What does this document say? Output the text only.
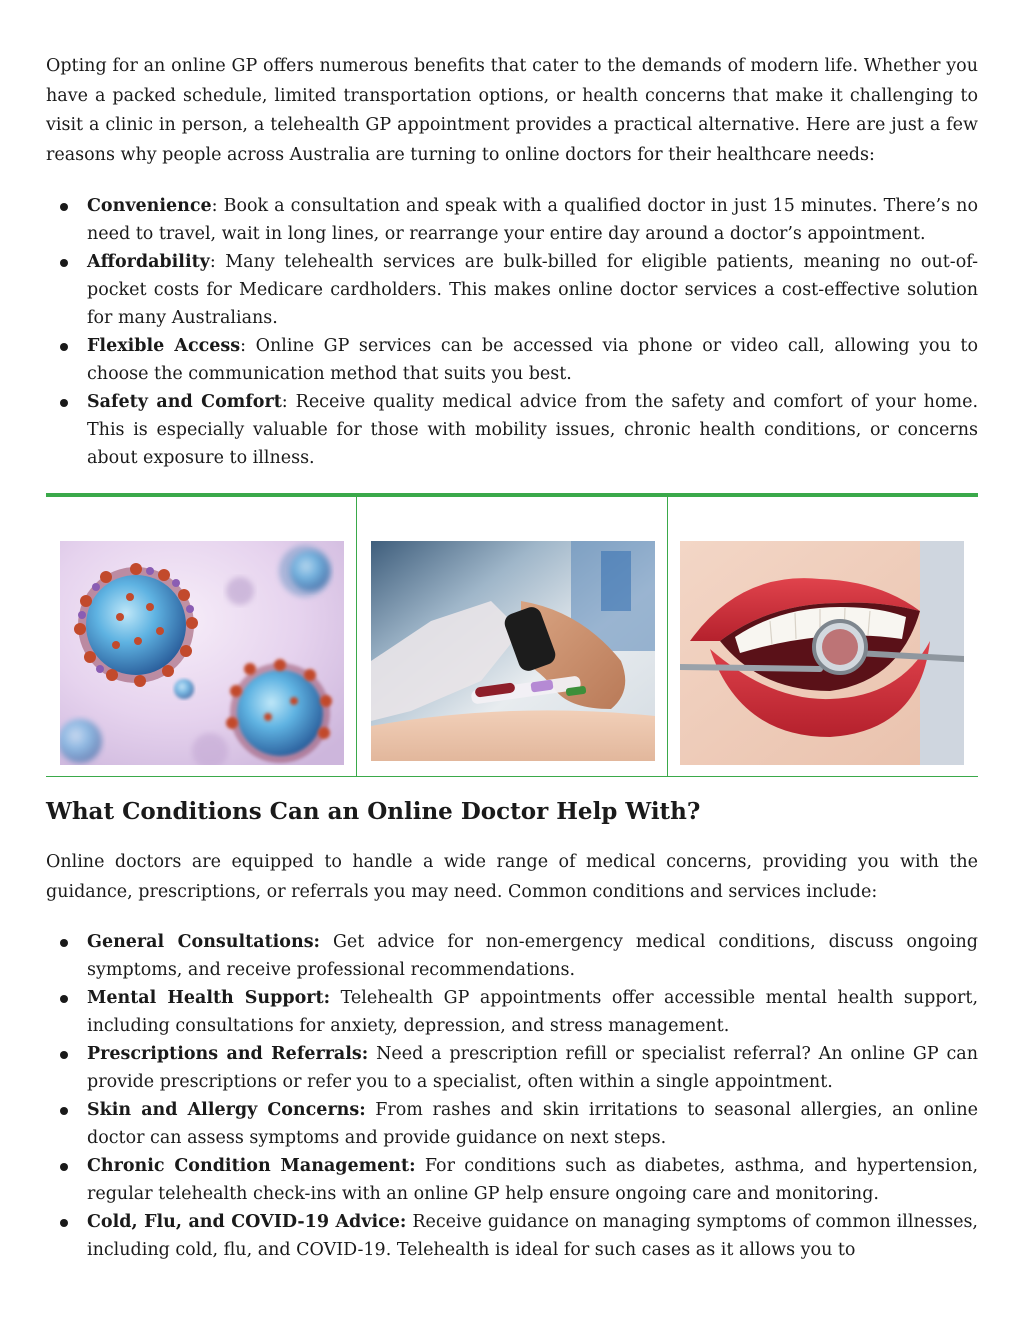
Opting for an online GP offers numerous benefits that cater to the demands of modern life. Whether you have a packed schedule, limited transportation options, or health concerns that make it challenging to visit a clinic in person, a telehealth GP appointment provides a practical alternative. Here are just a few reasons why people across Australia are turning to online doctors for their healthcare needs:

Convenience: Book a consultation and speak with a qualified doctor in just 15 minutes. There’s no need to travel, wait in long lines, or rearrange your entire day around a doctor’s appointment.
Affordability: Many telehealth services are bulk-billed for eligible patients, meaning no out-of-pocket costs for Medicare cardholders. This makes online doctor services a cost-effective solution for many Australians.
Flexible Access: Online GP services can be accessed via phone or video call, allowing you to choose the communication method that suits you best.
Safety and Comfort: Receive quality medical advice from the safety and comfort of your home. This is especially valuable for those with mobility issues, chronic health conditions, or concerns about exposure to illness.
What Conditions Can an Online Doctor Help With?

Online doctors are equipped to handle a wide range of medical concerns, providing you with the guidance, prescriptions, or referrals you may need. Common conditions and services include:

General Consultations: Get advice for non-emergency medical conditions, discuss ongoing symptoms, and receive professional recommendations.
Mental Health Support: Telehealth GP appointments offer accessible mental health support, including consultations for anxiety, depression, and stress management.
Prescriptions and Referrals: Need a prescription refill or specialist referral? An online GP can provide prescriptions or refer you to a specialist, often within a single appointment.
Skin and Allergy Concerns: From rashes and skin irritations to seasonal allergies, an online doctor can assess symptoms and provide guidance on next steps.
Chronic Condition Management: For conditions such as diabetes, asthma, and hypertension, regular telehealth check-ins with an online GP help ensure ongoing care and monitoring.
Cold, Flu, and COVID-19 Advice: Receive guidance on managing symptoms of common illnesses, including cold, flu, and COVID-19. Telehealth is ideal for such cases as it allows you to
